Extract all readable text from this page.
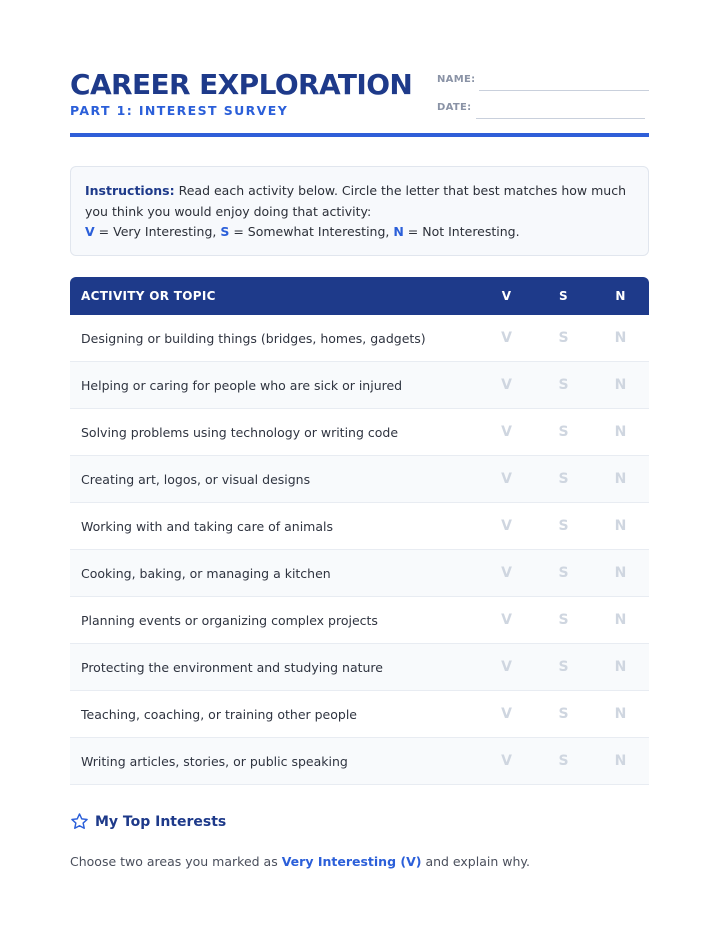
CAREER EXPLORATION
PART 1: INTEREST SURVEY
NAME:
DATE:
Instructions: Read each activity below. Circle the letter that best matches how much you think you would enjoy doing that activity:
V = Very Interesting, S = Somewhat Interesting, N = Not Interesting.
ACTIVITY OR TOPIC	V	S	N
Designing or building things (bridges, homes, gadgets)	V	S	N
Helping or caring for people who are sick or injured	V	S	N
Solving problems using technology or writing code	V	S	N
Creating art, logos, or visual designs	V	S	N
Working with and taking care of animals	V	S	N
Cooking, baking, or managing a kitchen	V	S	N
Planning events or organizing complex projects	V	S	N
Protecting the environment and studying nature	V	S	N
Teaching, coaching, or training other people	V	S	N
Writing articles, stories, or public speaking	V	S	N
My Top Interests
Choose two areas you marked as Very Interesting (V) and explain why.
